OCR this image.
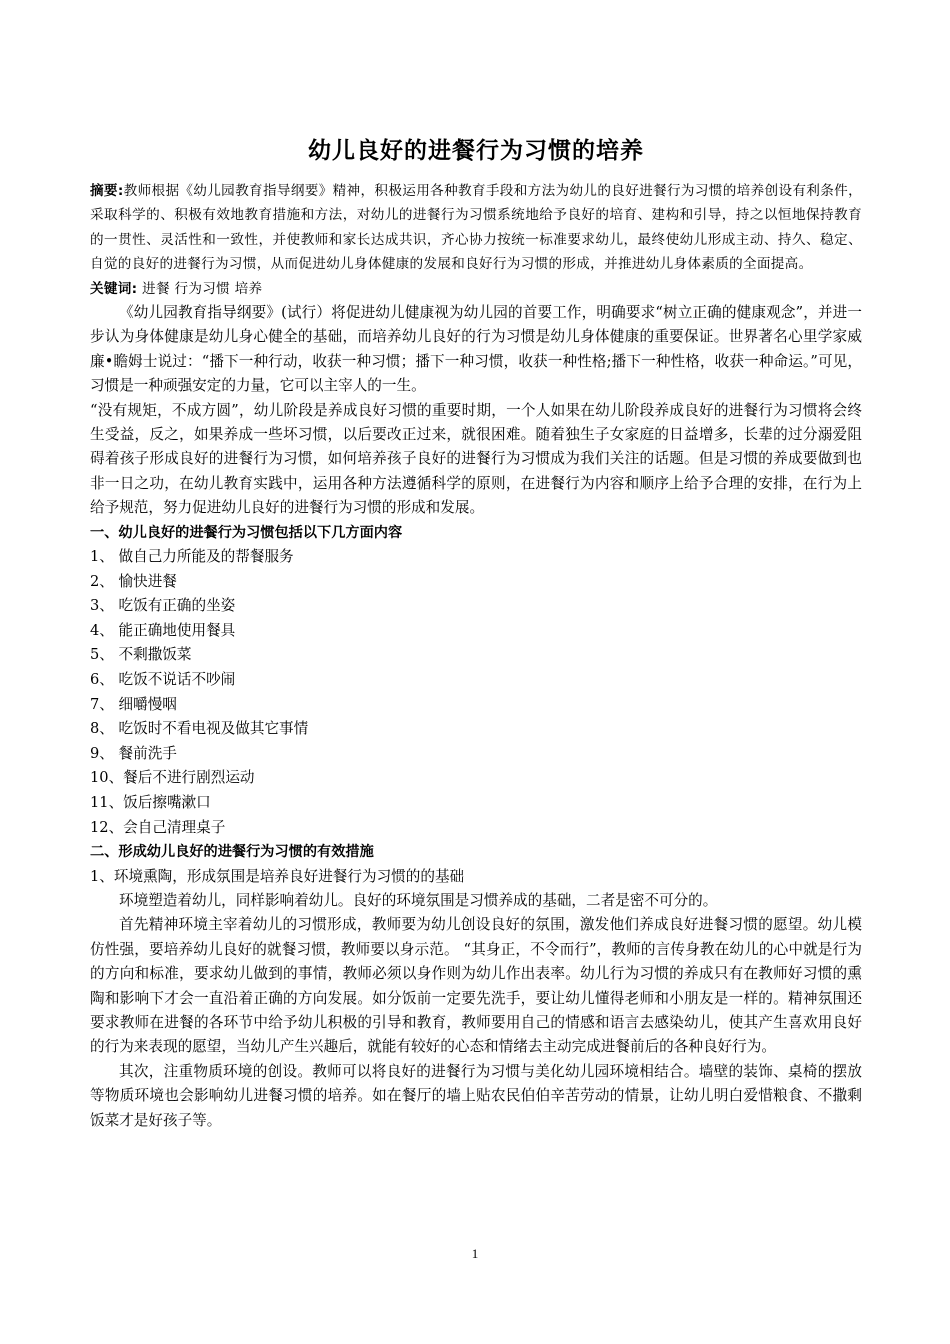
幼儿良好的进餐行为习惯的培养

摘要:教师根据《幼儿园教育指导纲要》精神，积极运用各种教育手段和方法为幼儿的良好进餐行为习惯的培养创设有利条件，采取科学的、积极有效地教育措施和方法，对幼儿的进餐行为习惯系统地给予良好的培育、建构和引导，持之以恒地保持教育的一贯性、灵活性和一致性，并使教师和家长达成共识，齐心协力按统一标准要求幼儿，最终使幼儿形成主动、持久、稳定、自觉的良好的进餐行为习惯，从而促进幼儿身体健康的发展和良好行为习惯的形成，并推进幼儿身体素质的全面提高。

关键词: 进餐 行为习惯 培养

《幼儿园教育指导纲要》(试行）将促进幼儿健康视为幼儿园的首要工作，明确要求“树立正确的健康观念”，并进一步认为身体健康是幼儿身心健全的基础，而培养幼儿良好的行为习惯是幼儿身体健康的重要保证。世界著名心里学家威廉•瞻姆士说过：“播下一种行动，收获一种习惯；播下一种习惯，收获一种性格;播下一种性格，收获一种命运。”可见，习惯是一种顽强安定的力量，它可以主宰人的一生。

“没有规矩，不成方圆”，幼儿阶段是养成良好习惯的重要时期，一个人如果在幼儿阶段养成良好的进餐行为习惯将会终生受益，反之，如果养成一些坏习惯，以后要改正过来，就很困难。随着独生子女家庭的日益增多，长辈的过分溺爱阻碍着孩子形成良好的进餐行为习惯，如何培养孩子良好的进餐行为习惯成为我们关注的话题。但是习惯的养成要做到也非一日之功，在幼儿教育实践中，运用各种方法遵循科学的原则，在进餐行为内容和顺序上给予合理的安排，在行为上给予规范，努力促进幼儿良好的进餐行为习惯的形成和发展。

一、幼儿良好的进餐行为习惯包括以下几方面内容

1、 做自己力所能及的帮餐服务

2、 愉快进餐

3、 吃饭有正确的坐姿

4、 能正确地使用餐具

5、 不剩撒饭菜

6、 吃饭不说话不吵闹

7、 细嚼慢咽

8、 吃饭时不看电视及做其它事情

9、 餐前洗手

10、餐后不进行剧烈运动

11、饭后擦嘴漱口

12、会自己清理桌子

二、形成幼儿良好的进餐行为习惯的有效措施

1、环境熏陶，形成氛围是培养良好进餐行为习惯的的基础

环境塑造着幼儿，同样影响着幼儿。良好的环境氛围是习惯养成的基础，二者是密不可分的。

首先精神环境主宰着幼儿的习惯形成，教师要为幼儿创设良好的氛围，激发他们养成良好进餐习惯的愿望。幼儿模仿性强，要培养幼儿良好的就餐习惯，教师要以身示范。 “其身正，不令而行”，教师的言传身教在幼儿的心中就是行为的方向和标准，要求幼儿做到的事情，教师必须以身作则为幼儿作出表率。幼儿行为习惯的养成只有在教师好习惯的熏陶和影响下才会一直沿着正确的方向发展。如分饭前一定要先洗手，要让幼儿懂得老师和小朋友是一样的。精神氛围还要求教师在进餐的各环节中给予幼儿积极的引导和教育，教师要用自己的情感和语言去感染幼儿，使其产生喜欢用良好的行为来表现的愿望，当幼儿产生兴趣后，就能有较好的心态和情绪去主动完成进餐前后的各种良好行为。

其次，注重物质环境的创设。教师可以将良好的进餐行为习惯与美化幼儿园环境相结合。墙壁的装饰、桌椅的摆放等物质环境也会影响幼儿进餐习惯的培养。如在餐厅的墙上贴农民伯伯辛苦劳动的情景，让幼儿明白爱惜粮食、不撒剩饭菜才是好孩子等。

1
